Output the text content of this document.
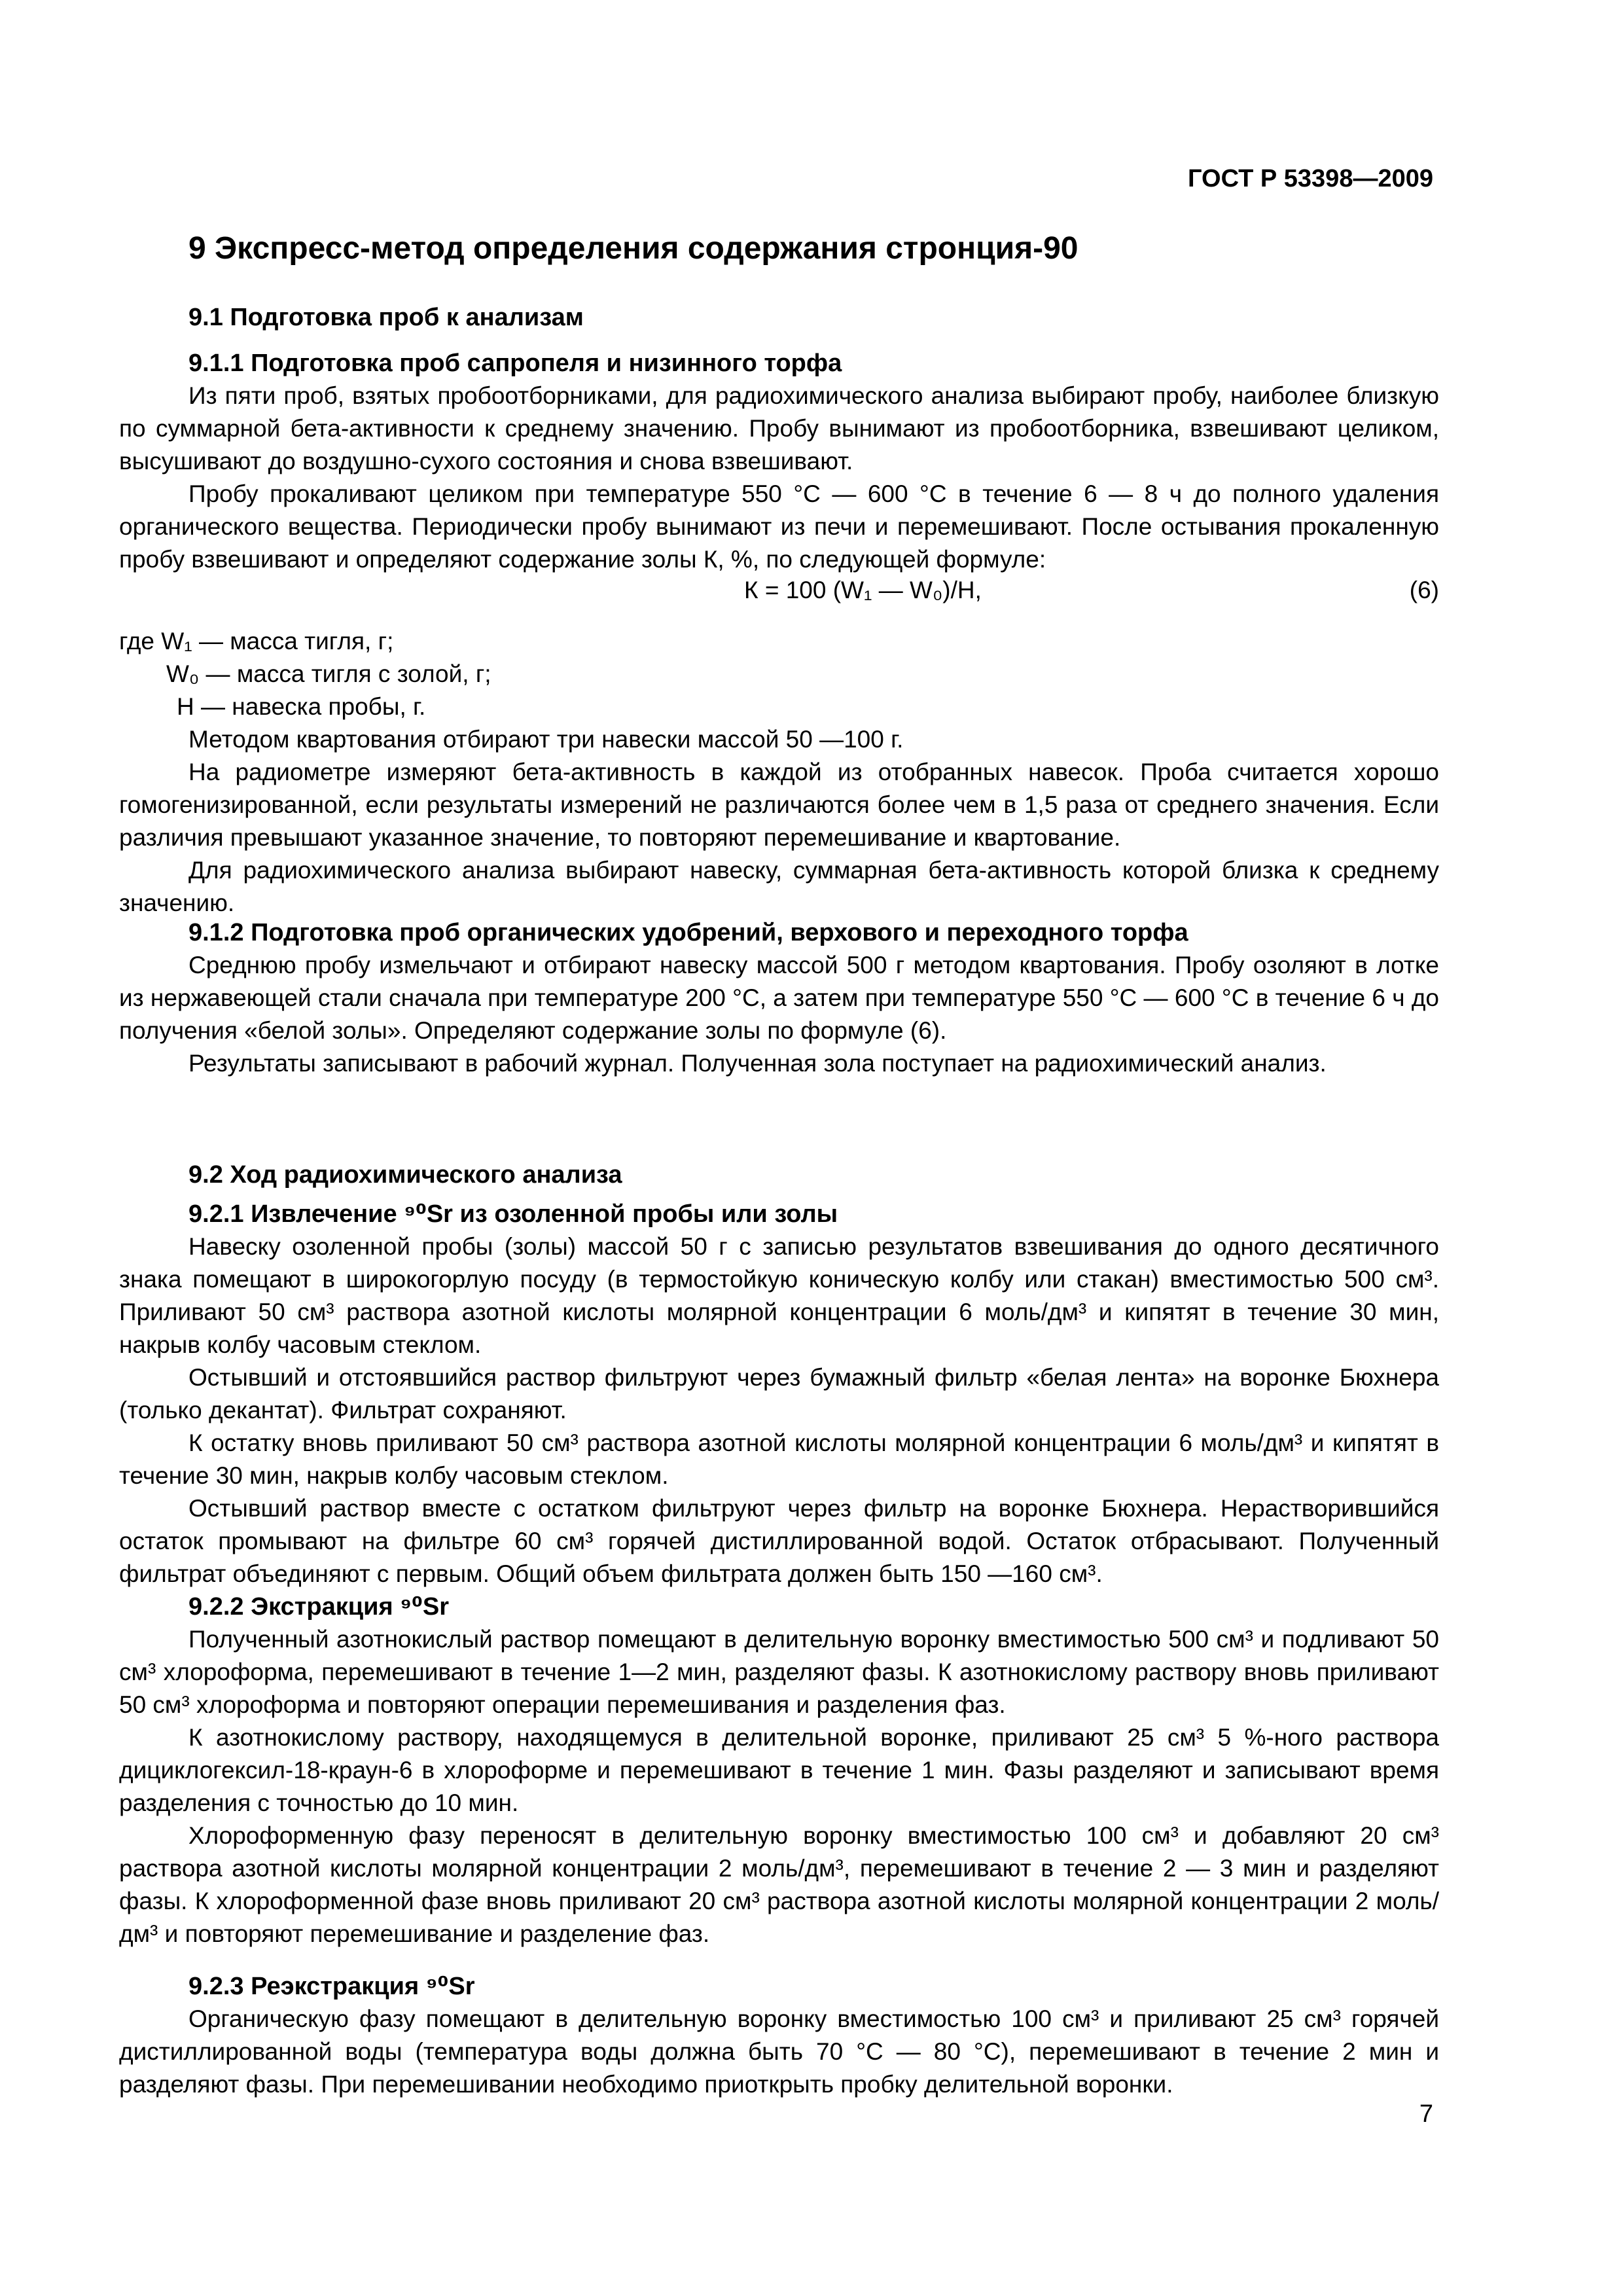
ГОСТ Р 53398—2009
9 Экспресс-метод определения содержания стронция-90
9.1 Подготовка проб к анализам
9.1.1 Подготовка проб сапропеля и низинного торфа

Из пяти проб, взятых пробоотборниками, для радиохимического анализа выбирают пробу, наиболее близкую по суммарной бета-активности к среднему значению. Пробу вынимают из пробоотборника, взвешивают целиком, высушивают до воздушно-сухого состояния и снова взвешивают.

Пробу прокаливают целиком при температуре 550 °С — 600 °С в течение 6 — 8 ч до полного удаления органического вещества. Периодически пробу вынимают из печи и перемешивают. После остывания прокаленную пробу взвешивают и определяют содержание золы К, %, по следующей формуле:

К = 100 (W₁ — W₀)/Н,	(6)
где W₁ — масса тигля, г;
W₀ — масса тигля с золой, г;
Н — навеска пробы, г.

Методом квартования отбирают три навески массой 50 —100 г.

На радиометре измеряют бета-активность в каждой из отобранных навесок. Проба считается хорошо гомогенизированной, если результаты измерений не различаются более чем в 1,5 раза от среднего значения. Если различия превышают указанное значение, то повторяют перемешивание и квартование.

Для радиохимического анализа выбирают навеску, суммарная бета-активность которой близка к среднему значению.

9.1.2 Подготовка проб органических удобрений, верхового и переходного торфа

Среднюю пробу измельчают и отбирают навеску массой 500 г методом квартования. Пробу озоляют в лотке из нержавеющей стали сначала при температуре 200 °С, а затем при температуре 550 °С — 600 °С в течение 6 ч до получения «белой золы». Определяют содержание золы по формуле (6).

Результаты записывают в рабочий журнал. Полученная зола поступает на радиохимический анализ.

9.2 Ход радиохимического анализа
9.2.1 Извлечение ⁹⁰Sr из озоленной пробы или золы

Навеску озоленной пробы (золы) массой 50 г с записью результатов взвешивания до одного десятичного знака помещают в широкогорлую посуду (в термостойкую коническую колбу или стакан) вместимостью 500 см³. Приливают 50 см³ раствора азотной кислоты молярной концентрации 6 моль/дм³ и кипятят в течение 30 мин, накрыв колбу часовым стеклом.

Остывший и отстоявшийся раствор фильтруют через бумажный фильтр «белая лента» на воронке Бюхнера (только декантат). Фильтрат сохраняют.

К остатку вновь приливают 50 см³ раствора азотной кислоты молярной концентрации 6 моль/дм³ и кипятят в течение 30 мин, накрыв колбу часовым стеклом.

Остывший раствор вместе с остатком фильтруют через фильтр на воронке Бюхнера. Нерастворившийся остаток промывают на фильтре 60 см³ горячей дистиллированной водой. Остаток отбрасывают. Полученный фильтрат объединяют с первым. Общий объем фильтрата должен быть 150 —160 см³.

9.2.2 Экстракция ⁹⁰Sr

Полученный азотнокислый раствор помещают в делительную воронку вместимостью 500 см³ и подливают 50 см³ хлороформа, перемешивают в течение 1—2 мин, разделяют фазы. К азотнокислому раствору вновь приливают 50 см³ хлороформа и повторяют операции перемешивания и разделения фаз.

К азотнокислому раствору, находящемуся в делительной воронке, приливают 25 см³ 5 %-ного раствора дициклогексил-18-краун-6 в хлороформе и перемешивают в течение 1 мин. Фазы разделяют и записывают время разделения с точностью до 10 мин.

Хлороформенную фазу переносят в делительную воронку вместимостью 100 см³ и добавляют 20 см³ раствора азотной кислоты молярной концентрации 2 моль/дм³, перемешивают в течение 2 — 3 мин и разделяют фазы. К хлороформенной фазе вновь приливают 20 см³ раствора азотной кислоты молярной концентрации 2 моль/дм³ и повторяют перемешивание и разделение фаз.

9.2.3 Реэкстракция ⁹⁰Sr

Органическую фазу помещают в делительную воронку вместимостью 100 см³ и приливают 25 см³ горячей дистиллированной воды (температура воды должна быть 70 °С — 80 °С), перемешивают в течение 2 мин и разделяют фазы. При перемешивании необходимо приоткрыть пробку делительной воронки.

7
